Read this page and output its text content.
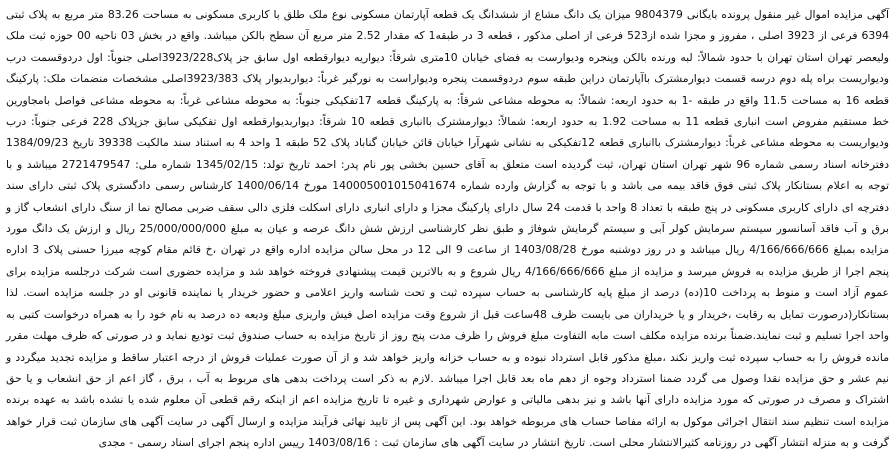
آگهی مزایده اموال غیر منقول پرونده بایگانی 9804379 میزان یک دانگ مشاع از ششدانگ یک قطعه آپارتمان مسکونی نوع ملک طلق با کاربری مسکونی به مساحت 83.26 متر مربع به پلاک ثبتی 6394 فرعی از 3923 اصلی ، مفروز و مجزا شده از523 فرعی از اصلی مذکور ، قطعه 3 در طبقه1 که مقدار 2.52 متر مربع آن سطح بالکن میباشد. واقع در بخش 03 ناحیه 00 حوزه ثبت ملک ولیعصر تهران استان تهران با حدود شمالاً: لبه ورنده بالکن وپنجره ودیوارست به فضای خیابان 10متری شرقاً: دیواریه دیوارقطعه اول سابق جز پلاک3923/228اصلی جنوباً: اول دردوقسمت درب ودیواریست براه پله دوم درسه قسمت دیوارمشترک باآپارتمان دراین طبقه سوم دردوقسمت پنجره ودیواراست به نورگیر غرباً: دیواربدیوار پلاک 3923/383اصلی مشخصات منضمات ملک: پارکینگ قطعه 16 به مساحت 11.5 واقع در طبقه -1 به حدود اربعه: شمالاً: به محوطه مشاعی شرقاً: به پارکینگ قطعه 17تفکیکی جنوباً: به محوطه مشاعی غرباً: به محوطه مشاعی فواصل بامجاورین خط مستقیم مفروض است انباری قطعه 11 به مساحت 1.92 به حدود اربعه: شمالاً: دیوارمشترک باانباری قطعه 10 شرقاً: دیواربدیوارقطعه اول تفکیکی سابق جزپلاک 228 فرعی جنوباً: درب ودیواریست به محوطه مشاعی غرباً: دیوارمشترک باانباری قطعه 12تفکیکی به نشانی شهرآرا خیابان قائن خیابان گناباد پلاک 52 طبقه 1 واحد 4 به استناد سند مالکیت 39338 تاریخ 1384/09/23 دفترخانه اسناد رسمی شماره 96 شهر تهران استان تهران، ثبت گردیده است متعلق به آقای حسین بخشی پور نام پدر: احمد تاریخ تولد: 1345/02/15 شماره ملی: 2721479547 میباشد و با توجه به اعلام بستانکار پلاک ثبتی فوق فاقد بیمه می باشد و با توجه به گزارش وارده شماره 140005001015041674 مورخ 1400/06/14 کارشناس رسمی دادگستری پلاک ثبتی دارای سند دفترچه ای دارای کاربری مسکونی در پنج طبقه با تعداد 8 واحد با قدمت 24 سال دارای پارکینگ مجزا و دارای انباری دارای اسکلت فلزی دالی سقف ضربی مصالح نما از سنگ دارای انشعاب گاز و برق و آب فاقد آسانسور سیستم سرمایش کولر آبی و سیستم گرمایش شوفاژ و طبق نظر کارشناسی ارزش شش دانگ عرصه و عیان به مبلغ 25/000/000/000 ریال و ارزش یک دانگ مورد مزایده بمبلغ 4/166/666/666 ریال میباشد و در روز دوشنبه مورخ 1403/08/28 از ساعت 9 الی 12 در محل سالن مزایده اداره واقع در تهران ،خ قائم مقام کوچه میرزا حسنی پلاک 3 اداره پنجم اجرا از طریق مزایده به فروش میرسد و مزایده از مبلغ 4/166/666/666 ریال شروع و به بالاترین قیمت پیشنهادی فروخته خواهد شد و مزایده حضوری است شرکت درجلسه مزایده برای عموم آزاد است و منوط به پرداخت 10(ده) درصد از مبلغ پایه کارشناسی به حساب سپرده ثبت و تحت شناسه واریز اعلامی و حضور خریدار یا نماینده قانونی او در جلسه مزایده است. لذا بستانکار(درصورت تمایل به رقابت ،خریدار و یا خریداران می بایست ظرف 48ساعت قبل از شروع وقت مزایده اصل فیش واریزی مبلغ ودیعه ده درصد به نام خود را به همراه درخواست کتبی به واحد اجرا تسلیم و ثبت نمایند.ضمناً برنده مزایده مکلف است مابه التفاوت مبلغ فروش را ظرف مدت پنج روز از تاریخ مزایده به حساب صندوق ثبت تودیع نماید و در صورتی که ظرف مهلت مقرر مانده فروش را به حساب سپرده ثبت واریز نکند ،مبلغ مذکور قابل استرداد نبوده و به حساب خزانه واریز خواهد شد و از آن صورت عملیات فروش از درجه اعتبار ساقط و مزایده تجدید میگردد و نیم عشر و حق مزایده نقدا وصول می گردد ضمنا استرداد وجوه از دهم ماه بعد قابل اجرا میباشد .لازم به ذکر است پرداخت بدهی های مربوط به آب ، برق ، گاز اعم از حق انشعاب و یا حق اشتراک و مصرف در صورتی که مورد مزایده دارای آنها باشد و نیز بدهی مالیاتی و عوارض شهرداری و غیره تا تاریخ مزایده اعم از اینکه رقم قطعی آن معلوم شده یا نشده باشد به عهده برنده مزایده است تنظیم سند انتقال اجرائی موکول به ارائه مفاصا حساب های مربوطه خواهد بود. این آگهی پس از تایید نهائی فرآیند مزایده و ارسال آگهی در سایت آگهی های سازمان ثبت قرار خواهد گرفت و به منزله انتشار آگهی در روزنامه کثیرالانتشار محلی است. تاریخ انتشار در سایت آگهی های سازمان ثبت : 1403/08/16 رییس اداره پنجم اجرای اسناد رسمی - مجدی
